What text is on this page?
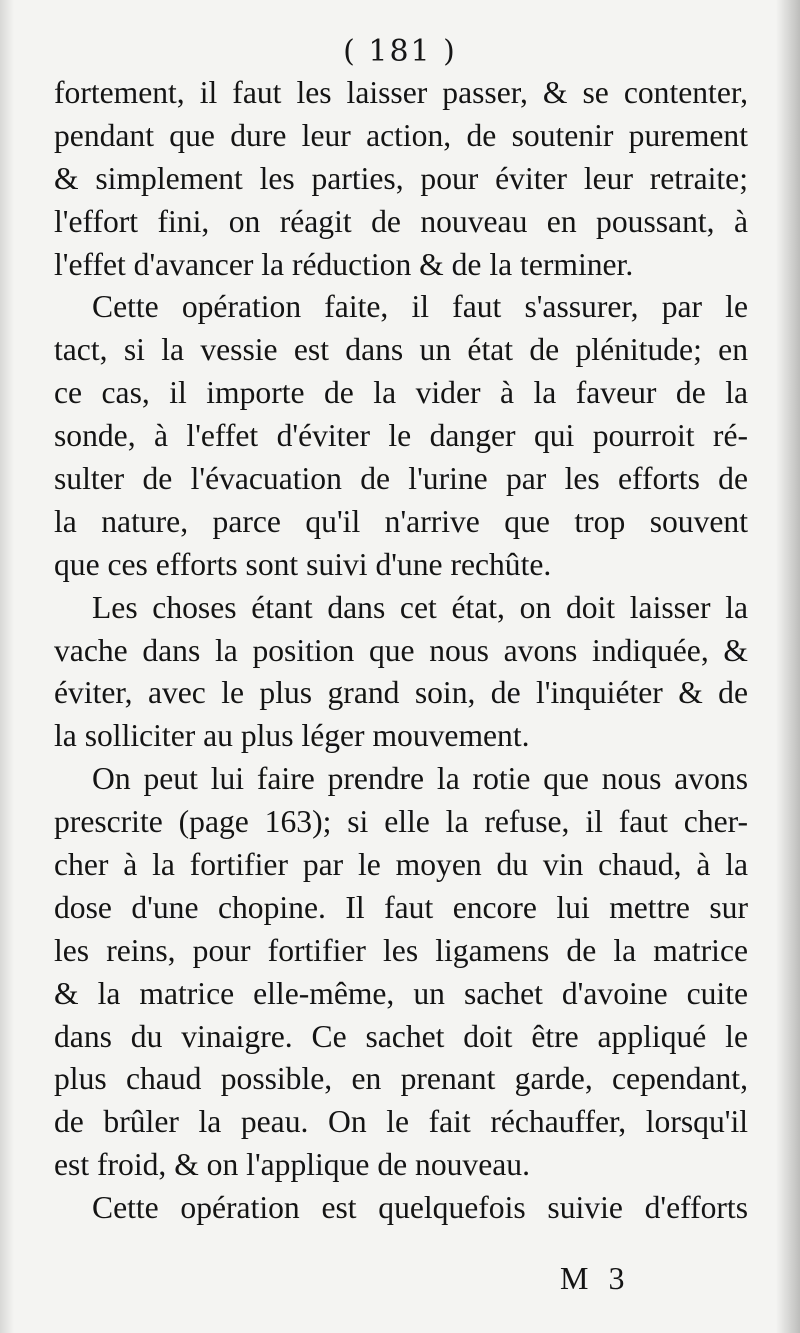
( 181 )
fortement, il faut les laisser passer, & se contenter,
pendant que dure leur action, de soutenir purement
& simplement les parties, pour éviter leur retraite;
l'effort fini, on réagit de nouveau en poussant, à
l'effet d'avancer la réduction & de la terminer.
Cette opération faite, il faut s'assurer, par le
tact, si la vessie est dans un état de plénitude; en
ce cas, il importe de la vider à la faveur de la
sonde, à l'effet d'éviter le danger qui pourroit ré-
sulter de l'évacuation de l'urine par les efforts de
la nature, parce qu'il n'arrive que trop souvent
que ces efforts sont suivi d'une rechûte.
Les choses étant dans cet état, on doit laisser la
vache dans la position que nous avons indiquée, &
éviter, avec le plus grand soin, de l'inquiéter & de
la solliciter au plus léger mouvement.
On peut lui faire prendre la rotie que nous avons
prescrite (page 163); si elle la refuse, il faut cher-
cher à la fortifier par le moyen du vin chaud, à la
dose d'une chopine. Il faut encore lui mettre sur
les reins, pour fortifier les ligamens de la matrice
& la matrice elle-même, un sachet d'avoine cuite
dans du vinaigre. Ce sachet doit être appliqué le
plus chaud possible, en prenant garde, cependant,
de brûler la peau. On le fait réchauffer, lorsqu'il
est froid, & on l'applique de nouveau.
Cette opération est quelquefois suivie d'efforts
M 3
